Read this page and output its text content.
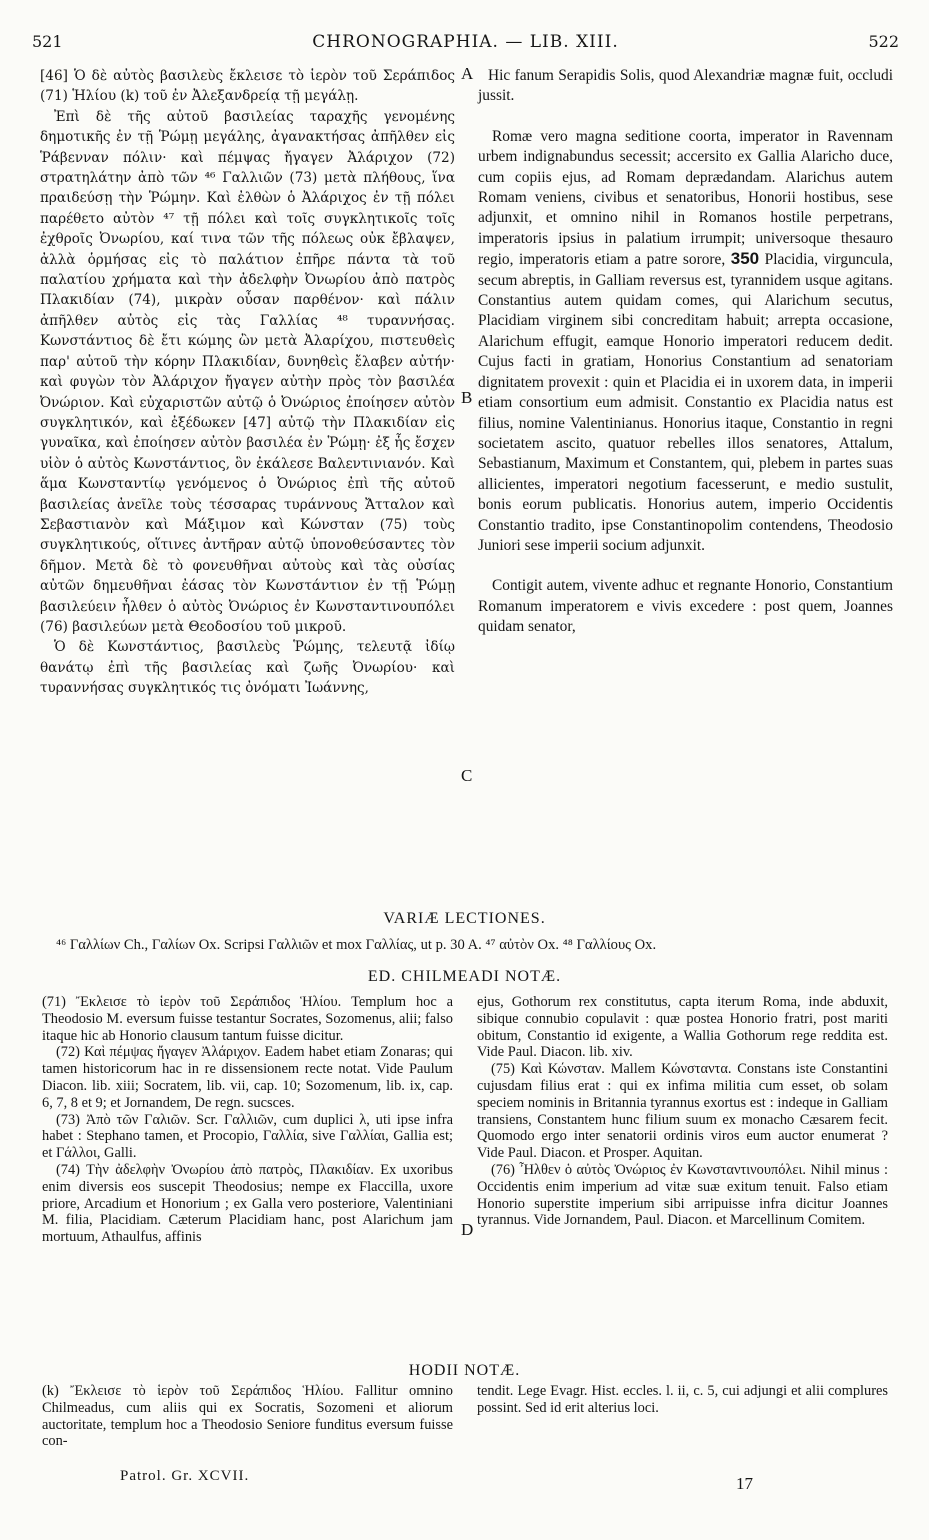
521	CHRONOGRAPHIA. — LIB. XIII.	522

[46] Ὁ δὲ αὐτὸς βασιλεὺς ἔκλεισε τὸ ἱερὸν τοῦ Σεράπιδος (71) Ἡλίου (k) τοῦ ἐν Ἀλεξανδρείᾳ τῇ μεγάλῃ.

Ἐπὶ δὲ τῆς αὐτοῦ βασιλείας ταραχῆς γενομένης δημοτικῆς ἐν τῇ Ῥώμῃ μεγάλης, ἀγανακτήσας ἀπῆλθεν εἰς Ῥάβενναν πόλιν· καὶ πέμψας ἤγαγεν Ἀλάριχον (72) στρατηλάτην ἀπὸ τῶν ⁴⁶ Γαλλιῶν (73) μετὰ πλήθους, ἵνα πραιδεύσῃ τὴν Ῥώμην. Καὶ ἐλθὼν ὁ Ἀλάριχος ἐν τῇ πόλει παρέθετο αὐτὸν ⁴⁷ τῇ πόλει καὶ τοῖς συγκλητικοῖς τοῖς ἐχθροῖς Ὀνωρίου, καί τινα τῶν τῆς πόλεως οὐκ ἔβλαψεν, ἀλλὰ ὁρμήσας εἰς τὸ παλάτιον ἐπῆρε πάντα τὰ τοῦ παλατίου χρήματα καὶ τὴν ἀδελφὴν Ὀνωρίου ἀπὸ πατρὸς Πλακιδίαν (74), μικρὰν οὖσαν παρθένον· καὶ πάλιν ἀπῆλθεν αὐτὸς εἰς τὰς Γαλλίας ⁴⁸ τυραννήσας. Κωνστάντιος δὲ ἔτι κώμης ὢν μετὰ Ἀλαρίχου, πιστευθεὶς παρ' αὐτοῦ τὴν κόρην Πλακιδίαν, δυνηθεὶς ἔλαβεν αὐτήν· καὶ φυγὼν τὸν Ἀλάριχον ἤγαγεν αὐτὴν πρὸς τὸν βασιλέα Ὀνώριον. Καὶ εὐχαριστῶν αὐτῷ ὁ Ὀνώριος ἐποίησεν αὐτὸν συγκλητικόν, καὶ ἐξέδωκεν [47] αὐτῷ τὴν Πλακιδίαν εἰς γυναῖκα, καὶ ἐποίησεν αὐτὸν βασιλέα ἐν Ῥώμῃ· ἐξ ἧς ἔσχεν υἱὸν ὁ αὐτὸς Κωνστάντιος, ὃν ἐκάλεσε Βαλεντινιανόν. Καὶ ἅμα Κωνσταντίῳ γενόμενος ὁ Ὀνώριος ἐπὶ τῆς αὐτοῦ βασιλείας ἀνεῖλε τοὺς τέσσαρας τυράννους Ἄτταλον καὶ Σεβαστιανὸν καὶ Μάξιμον καὶ Κώνσταν (75) τοὺς συγκλητικούς, οἵτινες ἀντῆραν αὐτῷ ὑπονοθεύσαντες τὸν δῆμον. Μετὰ δὲ τὸ φονευθῆναι αὐτοὺς καὶ τὰς οὐσίας αὐτῶν δημευθῆναι ἐάσας τὸν Κωνστάντιον ἐν τῇ Ῥώμῃ βασιλεύειν ἦλθεν ὁ αὐτὸς Ὀνώριος ἐν Κωνσταντινουπόλει (76) βασιλεύων μετὰ Θεοδοσίου τοῦ μικροῦ.

Ὁ δὲ Κωνστάντιος, βασιλεὺς Ῥώμης, τελευτᾷ ἰδίῳ θανάτῳ ἐπὶ τῆς βασιλείας καὶ ζωῆς Ὀνωρίου· καὶ τυραννήσας συγκλητικός τις ὀνόματι Ἰωάννης,

A
B
C
D

Hic fanum Serapidis Solis, quod Alexandriæ magnæ fuit, occludi jussit.

Romæ vero magna seditione coorta, imperator in Ravennam urbem indignabundus secessit; accersito ex Gallia Alaricho duce, cum copiis ejus, ad Romam deprædandam. Alarichus autem Romam veniens, civibus et senatoribus, Honorii hostibus, sese adjunxit, et omnino nihil in Romanos hostile perpetrans, imperatoris ipsius in palatium irrumpit; universoque thesauro regio, imperatoris etiam a patre sorore, 350 Placidia, virguncula, secum abreptis, in Galliam reversus est, tyrannidem usque agitans. Constantius autem quidam comes, qui Alarichum secutus, Placidiam virginem sibi concreditam habuit; arrepta occasione, Alarichum effugit, eamque Honorio imperatori reducem dedit. Cujus facti in gratiam, Honorius Constantium ad senatoriam dignitatem provexit : quin et Placidia ei in uxorem data, in imperii etiam consortium eum admisit. Constantio ex Placidia natus est filius, nomine Valentinianus. Honorius itaque, Constantio in regni societatem ascito, quatuor rebelles illos senatores, Attalum, Sebastianum, Maximum et Constantem, qui, plebem in partes suas allicientes, imperatori negotium facesserunt, e medio sustulit, bonis eorum publicatis. Honorius autem, imperio Occidentis Constantio tradito, ipse Constantinopolim contendens, Theodosio Juniori sese imperii socium adjunxit.

Contigit autem, vivente adhuc et regnante Honorio, Constantium Romanum imperatorem e vivis excedere : post quem, Joannes quidam senator,

VARIÆ LECTIONES.
⁴⁶ Γαλλίων Ch., Γαλίων Ox. Scripsi Γαλλιῶν et mox Γαλλίας, ut p. 30 A. ⁴⁷ αὐτὸν Ox. ⁴⁸ Γαλλίους Ox.
ED. CHILMEADI NOTÆ.

(71) Ἔκλεισε τὸ ἱερὸν τοῦ Σεράπιδος Ἡλίου. Templum hoc a Theodosio M. eversum fuisse testantur Socrates, Sozomenus, alii; falso itaque hic ab Honorio clausum tantum fuisse dicitur.

(72) Καὶ πέμψας ἤγαγεν Ἀλάριχον. Eadem habet etiam Zonaras; qui tamen historicorum hac in re dissensionem recte notat. Vide Paulum Diacon. lib. xiii; Socratem, lib. vii, cap. 10; Sozomenum, lib. ix, cap. 6, 7, 8 et 9; et Jornandem, De regn. sucsces.

(73) Ἀπὸ τῶν Γαλιῶν. Scr. Γαλλιῶν, cum duplici λ, uti ipse infra habet : Stephano tamen, et Procopio, Γαλλία, sive Γαλλίαι, Gallia est; et Γάλλοι, Galli.

(74) Τὴν ἀδελφὴν Ὀνωρίου ἀπὸ πατρὸς, Πλακιδίαν. Ex uxoribus enim diversis eos suscepit Theodosius; nempe ex Flaccilla, uxore priore, Arcadium et Honorium ; ex Galla vero posteriore, Valentiniani M. filia, Placidiam. Cæterum Placidiam hanc, post Alarichum jam mortuum, Athaulfus, affinis

ejus, Gothorum rex constitutus, capta iterum Roma, inde abduxit, sibique connubio copulavit : quæ postea Honorio fratri, post mariti obitum, Constantio id exigente, a Wallia Gothorum rege reddita est. Vide Paul. Diacon. lib. xiv.

(75) Καὶ Κώνσταν. Mallem Κώνσταντα. Constans iste Constantini cujusdam filius erat : qui ex infima militia cum esset, ob solam speciem nominis in Britannia tyrannus exortus est : indeque in Galliam transiens, Constantem hunc filium suum ex monacho Cæsarem fecit. Quomodo ergo inter senatorii ordinis viros eum auctor enumerat ? Vide Paul. Diacon. et Prosper. Aquitan.

(76) Ἦλθεν ὁ αὐτὸς Ὀνώριος ἐν Κωνσταντινουπόλει. Nihil minus : Occidentis enim imperium ad vitæ suæ exitum tenuit. Falso etiam Honorio superstite imperium sibi arripuisse infra dicitur Joannes tyrannus. Vide Jornandem, Paul. Diacon. et Marcellinum Comitem.

HODII NOTÆ.

(k) Ἔκλεισε τὸ ἱερὸν τοῦ Σεράπιδος Ἡλίου. Fallitur omnino Chilmeadus, cum aliis qui ex Socratis, Sozomeni et aliorum auctoritate, templum hoc a Theodosio Seniore funditus eversum fuisse con-

tendit. Lege Evagr. Hist. eccles. l. ii, c. 5, cui adjungi et alii complures possint. Sed id erit alterius loci.

Patrol. Gr. XCVII.	17
